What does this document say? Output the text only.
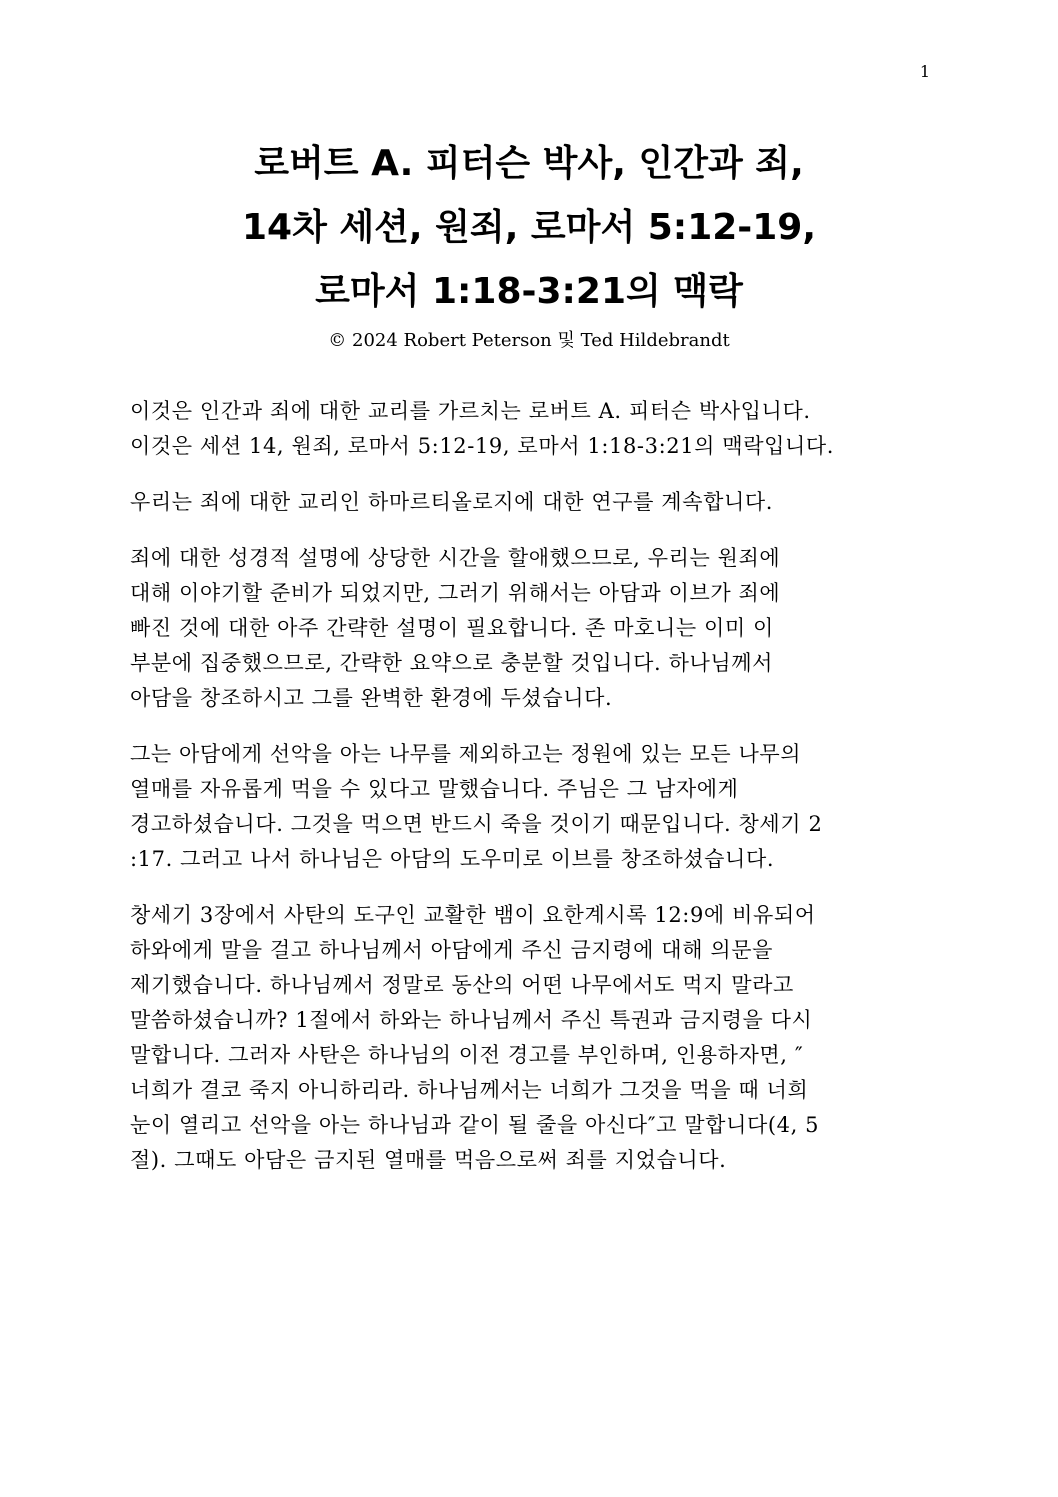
1
로버트 A. 피터슨 박사, 인간과 죄,
14차 세션, 원죄, 로마서 5:12-19,
로마서 1:18-3:21의 맥락
© 2024 Robert Peterson 및 Ted Hildebrandt
이것은 인간과 죄에 대한 교리를 가르치는 로버트 A. 피터슨 박사입니다.
이것은 세션 14, 원죄, 로마서 5:12-19, 로마서 1:18-3:21의 맥락입니다.
우리는 죄에 대한 교리인 하마르티올로지에 대한 연구를 계속합니다.
죄에 대한 성경적 설명에 상당한 시간을 할애했으므로, 우리는 원죄에
대해 이야기할 준비가 되었지만, 그러기 위해서는 아담과 이브가 죄에
빠진 것에 대한 아주 간략한 설명이 필요합니다. 존 마호니는 이미 이
부분에 집중했으므로, 간략한 요약으로 충분할 것입니다. 하나님께서
아담을 창조하시고 그를 완벽한 환경에 두셨습니다.
그는 아담에게 선악을 아는 나무를 제외하고는 정원에 있는 모든 나무의
열매를 자유롭게 먹을 수 있다고 말했습니다. 주님은 그 남자에게
경고하셨습니다. 그것을 먹으면 반드시 죽을 것이기 때문입니다. 창세기 2
:17. 그러고 나서 하나님은 아담의 도우미로 이브를 창조하셨습니다.
창세기 3장에서 사탄의 도구인 교활한 뱀이 요한계시록 12:9에 비유되어
하와에게 말을 걸고 하나님께서 아담에게 주신 금지령에 대해 의문을
제기했습니다. 하나님께서 정말로 동산의 어떤 나무에서도 먹지 말라고
말씀하셨습니까? 1절에서 하와는 하나님께서 주신 특권과 금지령을 다시
말합니다. 그러자 사탄은 하나님의 이전 경고를 부인하며, 인용하자면, ″
너희가 결코 죽지 아니하리라. 하나님께서는 너희가 그것을 먹을 때 너희
눈이 열리고 선악을 아는 하나님과 같이 될 줄을 아신다″고 말합니다(4, 5
절). 그때도 아담은 금지된 열매를 먹음으로써 죄를 지었습니다.
